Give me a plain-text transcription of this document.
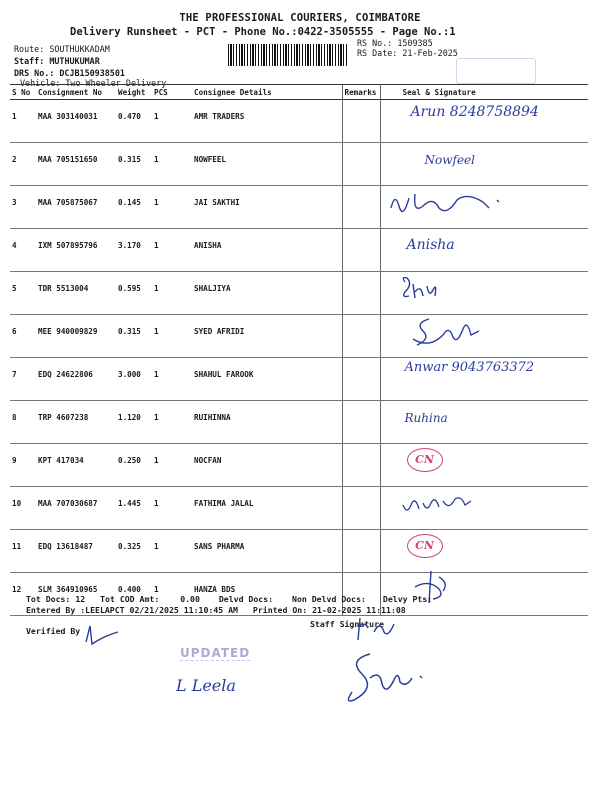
THE PROFESSIONAL COURIERS, COIMBATORE
Delivery Runsheet - PCT - Phone No.:0422-3505555 - Page No.:1
Route: SOUTHUKKADAM
Staff: MUTHUKUMAR
DRS No.: DCJB150938501
Vehicle: Two Wheeler Delivery
RS No.: 1509385
RS Date: 21-Feb-2025
S No	Consignment No	Weight	PCS	Consignee Details	Remarks	Seal & Signature
1	MAA 303140031	0.470	1	AMR TRADERS		Arun 8248758894

2	MAA 705151650	0.315	1	NOWFEEL		Nowfeel

3	MAA 705875067	0.145	1	JAI SAKTHI		

4	IXM 507895796	3.170	1	ANISHA		Anisha

5	TDR 5513004	0.595	1	SHALJIYA		

6	MEE 940009829	0.315	1	SYED AFRIDI		

7	EDQ 24622806	3.000	1	SHAHUL FAROOK		Anwar 9043763372

8	TRP 4607238	1.120	1	RUIHINNA		Ruhina

9	KPT 417034	0.250	1	NOCFAN		CN

10	MAA 707030687	1.445	1	FATHIMA JALAL		

11	EDQ 13618487	0.325	1	SANS PHARMA		CN

12	SLM 364910965	0.400	1	HANZA BDS		
Tot Docs: 12 Tot COD Amt:	0.00 Delvd Docs: Non Delvd Docs: Delvy Pts:
Entered By :LEELAPCT 02/21/2025 11:10:45 AM Printed On: 21-02-2025 11:11:08
Verified By
Staff Signature
UPDATED
L Leela
